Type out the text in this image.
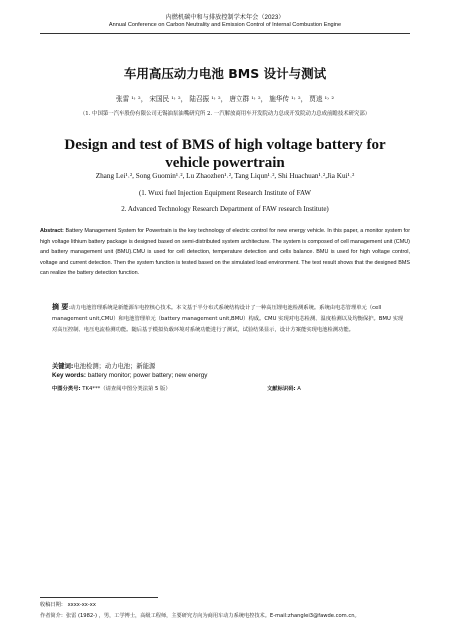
内燃机碳中和与排放控制学术年会（2023）
Annual Conference on Carbon Neutrality and Emission Control of Internal Combustion Engine
车用高压动力电池 BMS 设计与测试
张雷 ¹˒ ²， 宋国民 ¹˒ ²， 陆召振 ¹˒ ²， 唐立群 ¹˒ ²， 施华传 ¹˒ ²， 贾逵 ¹˒ ²
（1. 中国第一汽车股份有限公司无锡油泵油嘴研究所 2. 一汽解放商用车开发院动力总成开发院动力总成前瞻技术研究部）
Design and test of BMS of high voltage battery for
vehicle powertrain
Zhang Lei¹˒², Song Guomin¹˒², Lu Zhaozhen¹˒², Tang Liqun¹˒², Shi Huachuan¹˒²,Jia Kui¹˒²
(1. Wuxi fuel Injection Equipment Research Institute of FAW
2. Advanced Technology Research Department of FAW research Institute)

Abstract: Battery Management System for Powertrain is the key technology of electric control for new energy vehicle. In this paper, a monitor system for high voltage lithium battery package is designed based on semi-distributed system architecture. The system is composed of cell management unit (CMU) and battery management unit (BMU).CMU is used for cell detection, temperature detection and cells balance. BMU is used for high voltage control, voltage and current detection. Then the system function is tested based on the simulated load environment. The test result shows that the designed BMS can realize the battery detection function.

摘 要:动力电池管理系统是新能源车电控核心技术。本文基于半分布式系统结构设计了一种高压锂电池检测系统。系统由电芯管理单元（cell management unit,CMU）和电池管理单元（battery management unit,BMU）构成。CMU 实现对电芯检测、温度检测以及均衡保护。BMU 实现对高压控制、电压电流检测功能。随后基于模拟负载环境对系统功能进行了测试，试验结果显示，设计方案能实现电池检测功能。

关键词:电池检测；动力电池；新能源

Key words: battery monitor; power battery; new energy

中图分类号: TK4***（请查阅中图分类法第 5 版）	文献标识码: A
收稿日期： xxxx-xx-xx
作者简介：张雷 (1982-) ，男，工学博士，高级工程师，主要研究方向为商用车动力系统电控技术。E-mail:zhanglei3@fawde.com.cn。
